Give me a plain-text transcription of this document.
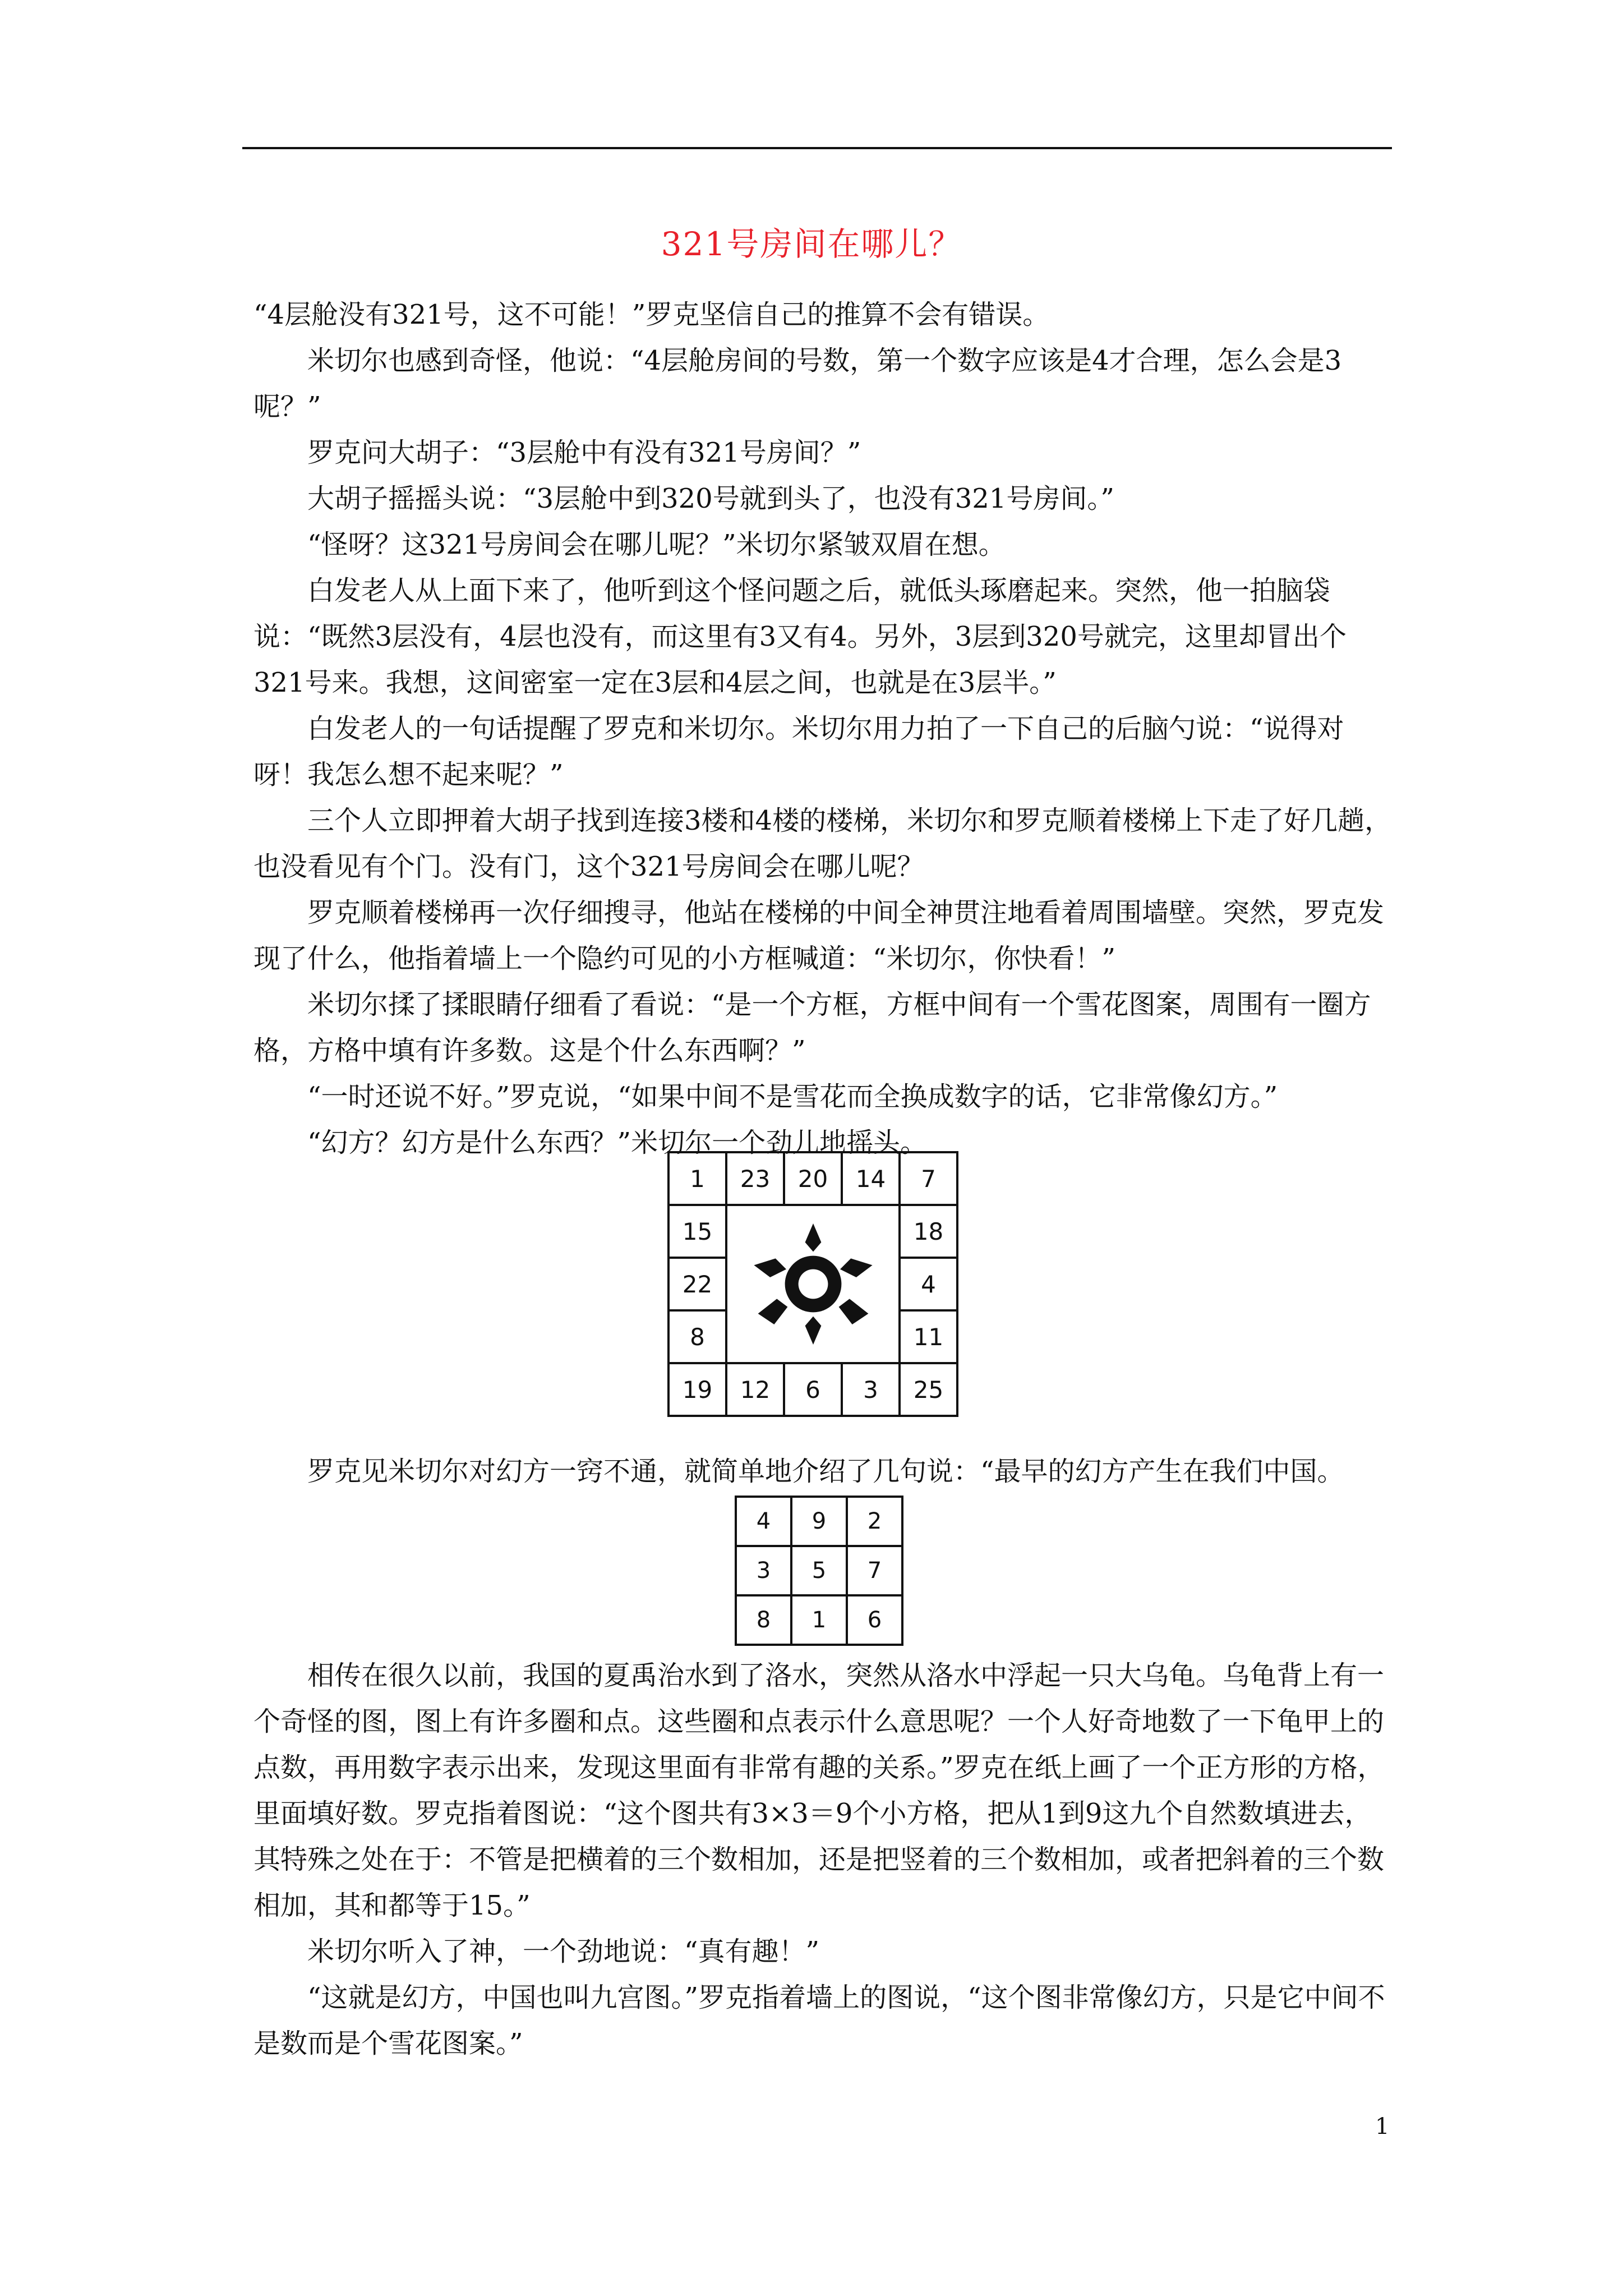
321号房间在哪儿？

“4层舱没有321号，这不可能！”罗克坚信自己的推算不会有错误。

米切尔也感到奇怪，他说：“4层舱房间的号数，第一个数字应该是4才合理，怎么会是3呢？”

罗克问大胡子：“3层舱中有没有321号房间？”

大胡子摇摇头说：“3层舱中到320号就到头了，也没有321号房间。”

“怪呀？这321号房间会在哪儿呢？”米切尔紧皱双眉在想。

白发老人从上面下来了，他听到这个怪问题之后，就低头琢磨起来。突然，他一拍脑袋说：“既然3层没有，4层也没有，而这里有3又有4。另外，3层到320号就完，这里却冒出个321号来。我想，这间密室一定在3层和4层之间，也就是在3层半。”

白发老人的一句话提醒了罗克和米切尔。米切尔用力拍了一下自己的后脑勺说：“说得对呀！我怎么想不起来呢？”

三个人立即押着大胡子找到连接3楼和4楼的楼梯，米切尔和罗克顺着楼梯上下走了好几趟，也没看见有个门。没有门，这个321号房间会在哪儿呢？

罗克顺着楼梯再一次仔细搜寻，他站在楼梯的中间全神贯注地看着周围墙壁。突然，罗克发现了什么，他指着墙上一个隐约可见的小方框喊道：“米切尔，你快看！”

米切尔揉了揉眼睛仔细看了看说：“是一个方框，方框中间有一个雪花图案，周围有一圈方格，方格中填有许多数。这是个什么东西啊？”

“一时还说不好。”罗克说，“如果中间不是雪花而全换成数字的话，它非常像幻方。”

“幻方？幻方是什么东西？”米切尔一个劲儿地摇头。

1	23	20	14	7
15				18
22				4
8				11
19	12	6	3	25

罗克见米切尔对幻方一窍不通，就简单地介绍了几句说：“最早的幻方产生在我们中国。

4	9	2
3	5	7
8	1	6

相传在很久以前，我国的夏禹治水到了洛水，突然从洛水中浮起一只大乌龟。乌龟背上有一个奇怪的图，图上有许多圈和点。这些圈和点表示什么意思呢？一个人好奇地数了一下龟甲上的点数，再用数字表示出来，发现这里面有非常有趣的关系。”罗克在纸上画了一个正方形的方格，里面填好数。罗克指着图说：“这个图共有3×3＝9个小方格，把从1到9这九个自然数填进去，其特殊之处在于：不管是把横着的三个数相加，还是把竖着的三个数相加，或者把斜着的三个数相加，其和都等于15。”

米切尔听入了神，一个劲地说：“真有趣！”

“这就是幻方，中国也叫九宫图。”罗克指着墙上的图说，“这个图非常像幻方，只是它中间不是数而是个雪花图案。”

1
